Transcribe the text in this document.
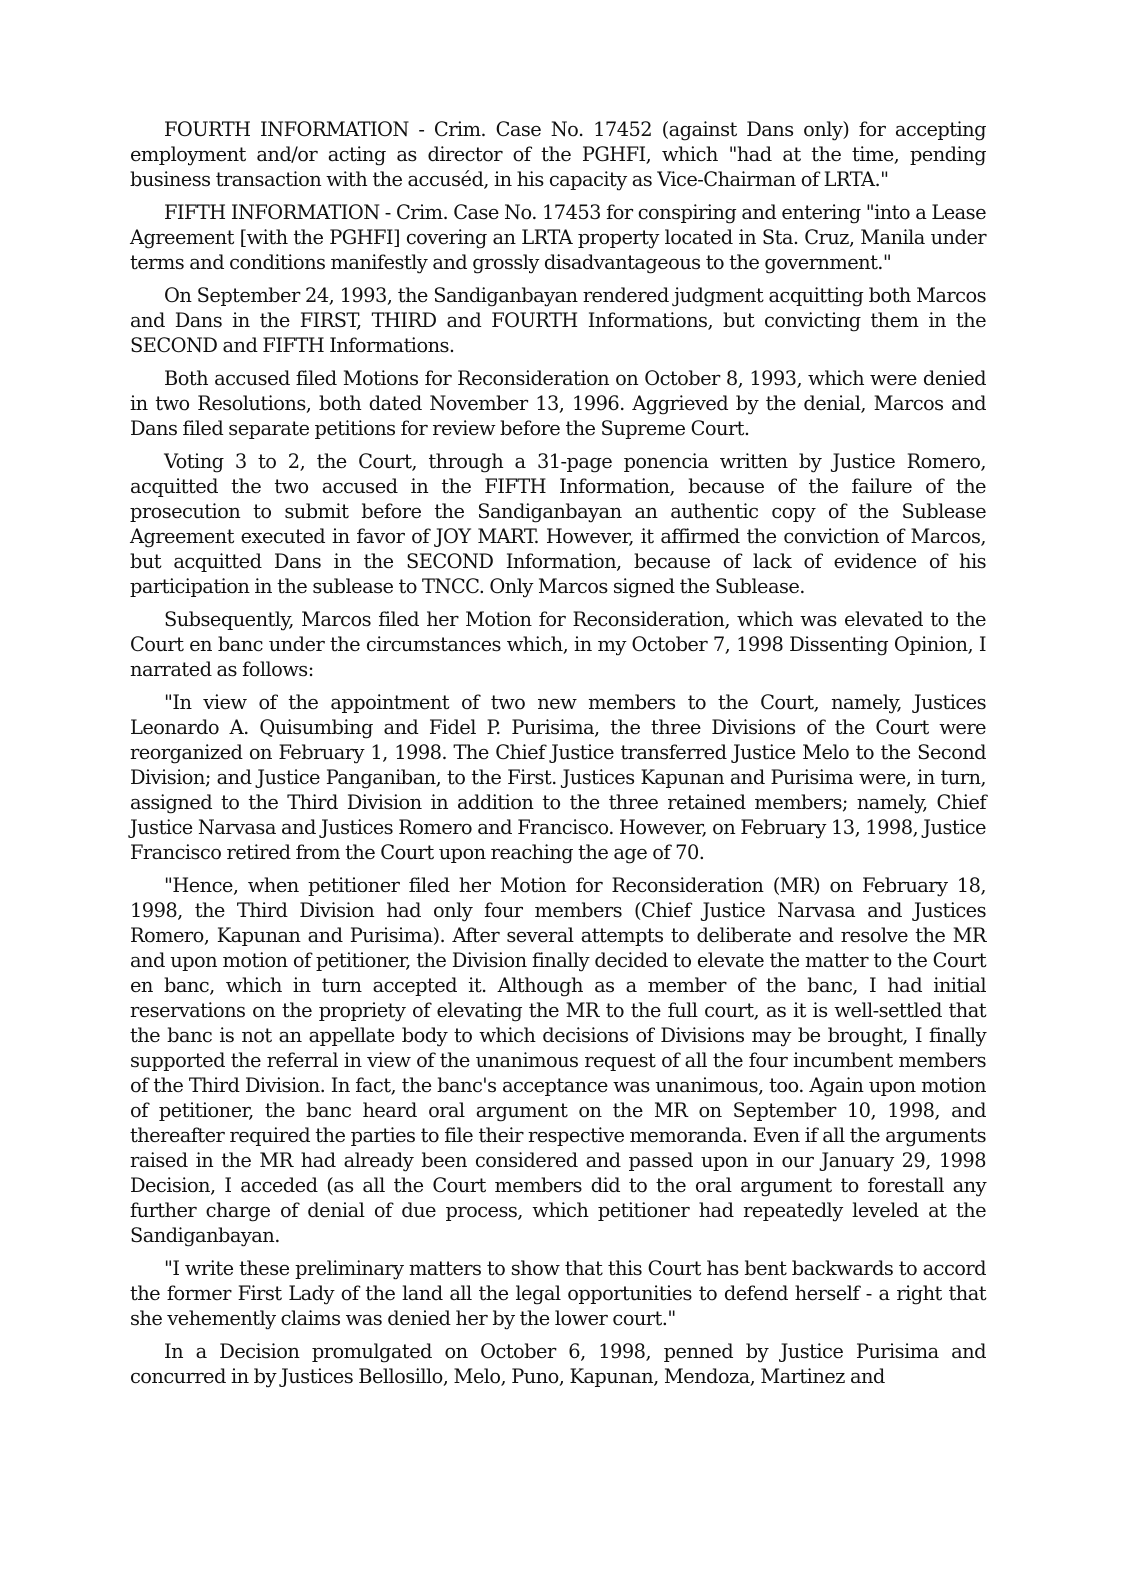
FOURTH INFORMATION - Crim. Case No. 17452 (against Dans only) for accepting employment and/or acting as director of the PGHFI, which "had at the time, pending business transaction with the accuséd, in his capacity as Vice-Chairman of LRTA."

FIFTH INFORMATION - Crim. Case No. 17453 for conspiring and entering "into a Lease Agreement [with the PGHFI] covering an LRTA property located in Sta. Cruz, Manila under terms and conditions manifestly and grossly disadvantageous to the government."

On September 24, 1993, the Sandiganbayan rendered judgment acquitting both Marcos and Dans in the FIRST, THIRD and FOURTH Informations, but convicting them in the SECOND and FIFTH Informations.

Both accused filed Motions for Reconsideration on October 8, 1993, which were denied in two Resolutions, both dated November 13, 1996. Aggrieved by the denial, Marcos and Dans filed separate petitions for review before the Supreme Court.

Voting 3 to 2, the Court, through a 31-page ponencia written by Justice Romero, acquitted the two accused in the FIFTH Information, because of the failure of the prosecution to submit before the Sandiganbayan an authentic copy of the Sublease Agreement executed in favor of JOY MART. However, it affirmed the conviction of Marcos, but acquitted Dans in the SECOND Information, because of lack of evidence of his participation in the sublease to TNCC. Only Marcos signed the Sublease.

Subsequently, Marcos filed her Motion for Reconsideration, which was elevated to the Court en banc under the circumstances which, in my October 7, 1998 Dissenting Opinion, I narrated as follows:

"In view of the appointment of two new members to the Court, namely, Justices Leonardo A. Quisumbing and Fidel P. Purisima, the three Divisions of the Court were reorganized on February 1, 1998. The Chief Justice transferred Justice Melo to the Second Division; and Justice Panganiban, to the First. Justices Kapunan and Purisima were, in turn, assigned to the Third Division in addition to the three retained members; namely, Chief Justice Narvasa and Justices Romero and Francisco. However, on February 13, 1998, Justice Francisco retired from the Court upon reaching the age of 70.

"Hence, when petitioner filed her Motion for Reconsideration (MR) on February 18, 1998, the Third Division had only four members (Chief Justice Narvasa and Justices Romero, Kapunan and Purisima). After several attempts to deliberate and resolve the MR and upon motion of petitioner, the Division finally decided to elevate the matter to the Court en banc, which in turn accepted it. Although as a member of the banc, I had initial reservations on the propriety of elevating the MR to the full court, as it is well-settled that the banc is not an appellate body to which decisions of Divisions may be brought, I finally supported the referral in view of the unanimous request of all the four incumbent members of the Third Division. In fact, the banc's acceptance was unanimous, too. Again upon motion of petitioner, the banc heard oral argument on the MR on September 10, 1998, and thereafter required the parties to file their respective memoranda. Even if all the arguments raised in the MR had already been considered and passed upon in our January 29, 1998 Decision, I acceded (as all the Court members did to the oral argument to forestall any further charge of denial of due process, which petitioner had repeatedly leveled at the Sandiganbayan.

"I write these preliminary matters to show that this Court has bent backwards to accord the former First Lady of the land all the legal opportunities to defend herself - a right that she vehemently claims was denied her by the lower court."

In a Decision promulgated on October 6, 1998, penned by Justice Purisima and concurred in by Justices Bellosillo, Melo, Puno, Kapunan, Mendoza, Martinez and
